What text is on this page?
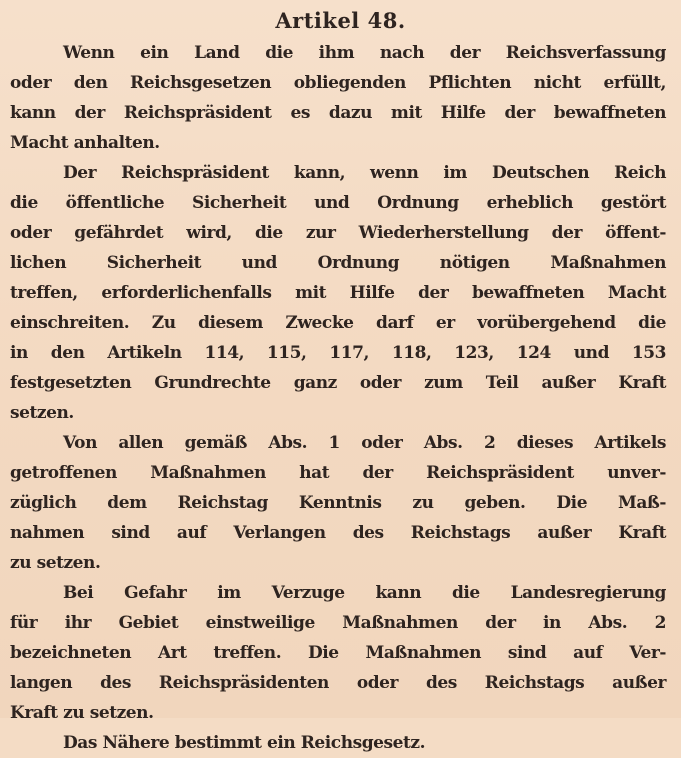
Artikel 48.
Wenn ein Land die ihm nach der Reichsverfassung
oder den Reichsgesetzen obliegenden Pflichten nicht erfüllt,
kann der Reichspräsident es dazu mit Hilfe der bewaffneten
Macht anhalten.
Der Reichspräsident kann, wenn im Deutschen Reich
die öffentliche Sicherheit und Ordnung erheblich gestört
oder gefährdet wird, die zur Wiederherstellung der öffent-
lichen Sicherheit und Ordnung nötigen Maßnahmen
treffen, erforderlichenfalls mit Hilfe der bewaffneten Macht
einschreiten. Zu diesem Zwecke darf er vorübergehend die
in den Artikeln 114, 115, 117, 118, 123, 124 und 153
festgesetzten Grundrechte ganz oder zum Teil außer Kraft
setzen.
Von allen gemäß Abs. 1 oder Abs. 2 dieses Artikels
getroffenen Maßnahmen hat der Reichspräsident unver-
züglich dem Reichstag Kenntnis zu geben. Die Maß-
nahmen sind auf Verlangen des Reichstags außer Kraft
zu setzen.
Bei Gefahr im Verzuge kann die Landesregierung
für ihr Gebiet einstweilige Maßnahmen der in Abs. 2
bezeichneten Art treffen. Die Maßnahmen sind auf Ver-
langen des Reichspräsidenten oder des Reichstags außer
Kraft zu setzen.
Das Nähere bestimmt ein Reichsgesetz.
